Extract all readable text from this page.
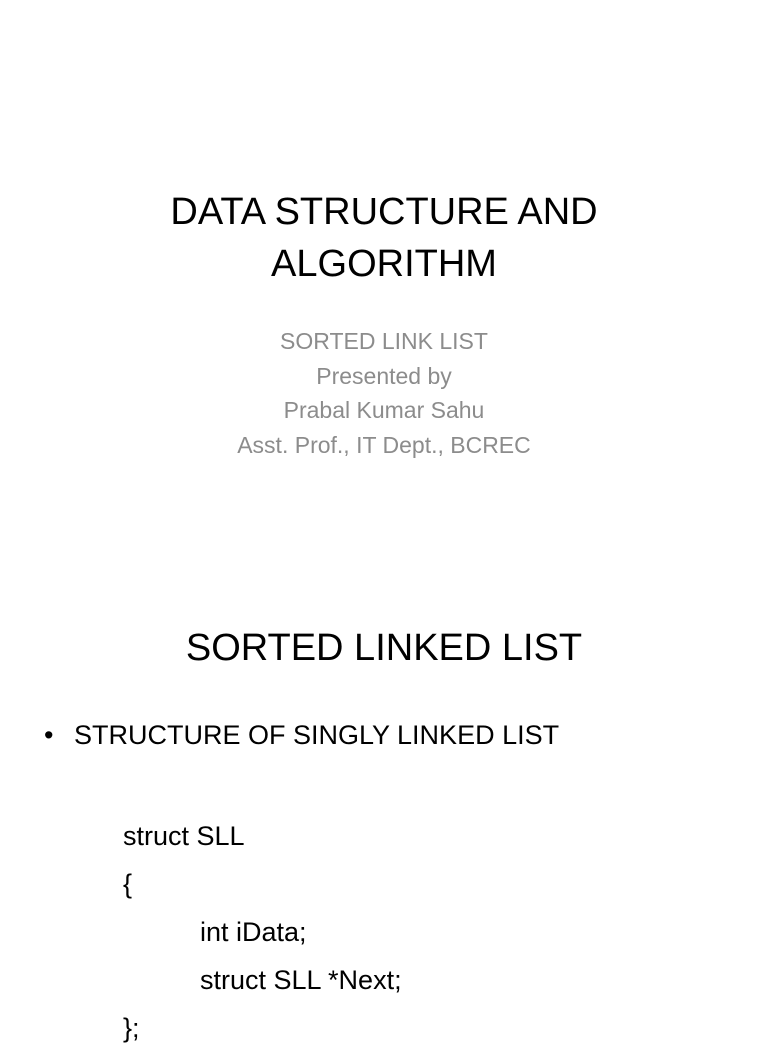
DATA STRUCTURE AND
ALGORITHM
SORTED LINK LIST
Presented by
Prabal Kumar Sahu
Asst. Prof., IT Dept., BCREC
SORTED LINKED LIST
• STRUCTURE OF SINGLY LINKED LIST
struct SLL
{
int iData;
struct SLL *Next;
};
